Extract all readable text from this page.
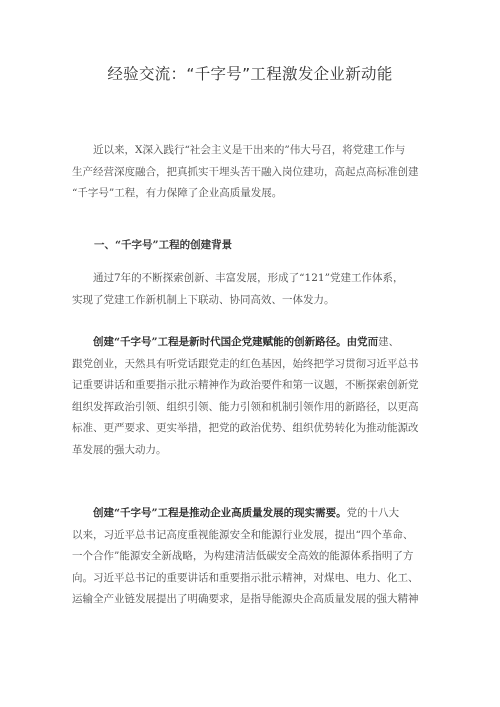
经验交流：“千字号”工程激发企业新动能
近以来，X深入践行“社会主义是干出来的”伟大号召，将党建工作与
生产经营深度融合，把真抓实干埋头苦干融入岗位建功，高起点高标准创建
“千字号”工程，有力保障了企业高质量发展。
一、“千字号”工程的创建背景
通过7年的不断探索创新、丰富发展，形成了“121”党建工作体系，
实现了党建工作新机制上下联动、协同高效、一体发力。
创建“千字号”工程是新时代国企党建赋能的创新路径。由党而建、
跟党创业，天然具有听党话跟党走的红色基因，始终把学习贯彻习近平总书
记重要讲话和重要指示批示精神作为政治要件和第一议题，不断探索创新党
组织发挥政治引领、组织引领、能力引领和机制引领作用的新路径，以更高
标准、更严要求、更实举措，把党的政治优势、组织优势转化为推动能源改
革发展的强大动力。
创建“千字号”工程是推动企业高质量发展的现实需要。党的十八大
以来，习近平总书记高度重视能源安全和能源行业发展，提出“四个革命、
一个合作”能源安全新战略，为构建清洁低碳安全高效的能源体系指明了方
向。习近平总书记的重要讲话和重要指示批示精神，对煤电、电力、化工、
运输全产业链发展提出了明确要求，是指导能源央企高质量发展的强大精神
